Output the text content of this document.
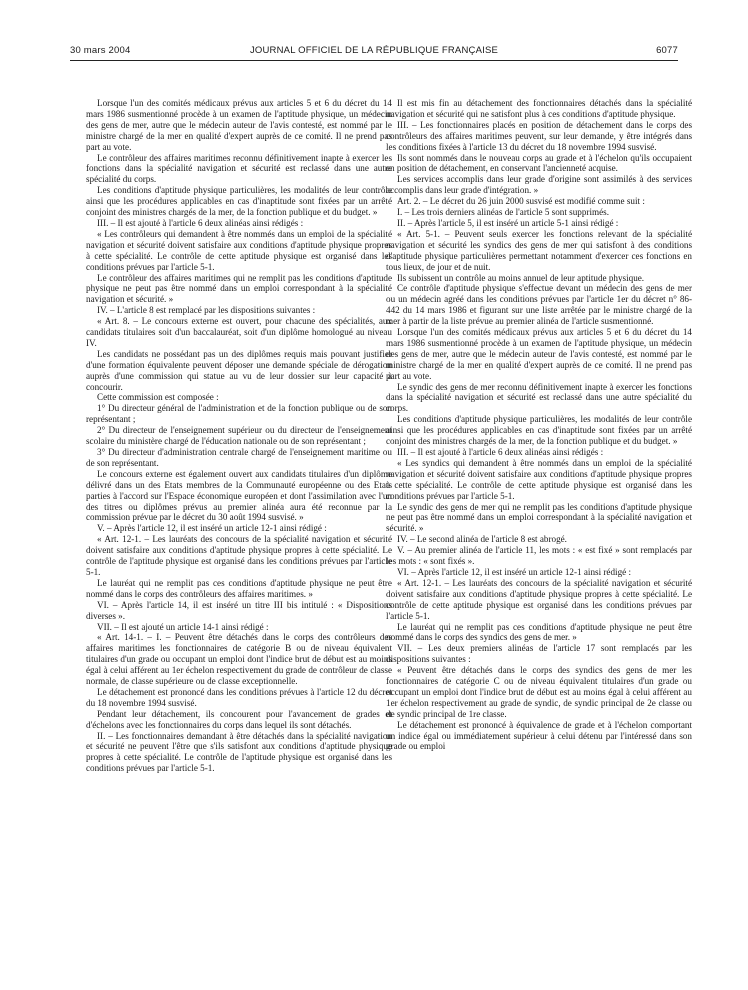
30 mars 2004	JOURNAL OFFICIEL DE LA RÉPUBLIQUE FRANÇAISE	6077

Lorsque l'un des comités médicaux prévus aux articles 5 et 6 du décret du 14 mars 1986 susmentionné procède à un examen de l'aptitude physique, un médecin des gens de mer, autre que le médecin auteur de l'avis contesté, est nommé par le ministre chargé de la mer en qualité d'expert auprès de ce comité. Il ne prend pas part au vote.

Le contrôleur des affaires maritimes reconnu définitivement inapte à exercer les fonctions dans la spécialité navigation et sécurité est reclassé dans une autre spécialité du corps.

Les conditions d'aptitude physique particulières, les modalités de leur contrôle ainsi que les procédures applicables en cas d'inaptitude sont fixées par un arrêté conjoint des ministres chargés de la mer, de la fonction publique et du budget. »

III. – Il est ajouté à l'article 6 deux alinéas ainsi rédigés :

« Les contrôleurs qui demandent à être nommés dans un emploi de la spécialité navigation et sécurité doivent satisfaire aux conditions d'aptitude physique propres à cette spécialité. Le contrôle de cette aptitude physique est organisé dans les conditions prévues par l'article 5-1.

Le contrôleur des affaires maritimes qui ne remplit pas les conditions d'aptitude physique ne peut pas être nommé dans un emploi correspondant à la spécialité navigation et sécurité. »

IV. – L'article 8 est remplacé par les dispositions suivantes :

« Art. 8. – Le concours externe est ouvert, pour chacune des spécialités, aux candidats titulaires soit d'un baccalauréat, soit d'un diplôme homologué au niveau IV.

Les candidats ne possédant pas un des diplômes requis mais pouvant justifier d'une formation équivalente peuvent déposer une demande spéciale de dérogation auprès d'une commission qui statue au vu de leur dossier sur leur capacité à concourir.

Cette commission est composée :

1° Du directeur général de l'administration et de la fonction publique ou de son représentant ;

2° Du directeur de l'enseignement supérieur ou du directeur de l'enseignement scolaire du ministère chargé de l'éducation nationale ou de son représentant ;

3° Du directeur d'administration centrale chargé de l'enseignement maritime ou de son représentant.

Le concours externe est également ouvert aux candidats titulaires d'un diplôme délivré dans un des Etats membres de la Communauté européenne ou des Etats parties à l'accord sur l'Espace économique européen et dont l'assimilation avec l'un des titres ou diplômes prévus au premier alinéa aura été reconnue par la commission prévue par le décret du 30 août 1994 susvisé. »

V. – Après l'article 12, il est inséré un article 12-1 ainsi rédigé :

« Art. 12-1. – Les lauréats des concours de la spécialité navigation et sécurité doivent satisfaire aux conditions d'aptitude physique propres à cette spécialité. Le contrôle de l'aptitude physique est organisé dans les conditions prévues par l'article 5-1.

Le lauréat qui ne remplit pas ces conditions d'aptitude physique ne peut être nommé dans le corps des contrôleurs des affaires maritimes. »

VI. – Après l'article 14, il est inséré un titre III bis intitulé : « Dispositions diverses ».

VII. – Il est ajouté un article 14-1 ainsi rédigé :

« Art. 14-1. – I. – Peuvent être détachés dans le corps des contrôleurs des affaires maritimes les fonctionnaires de catégorie B ou de niveau équivalent titulaires d'un grade ou occupant un emploi dont l'indice brut de début est au moins égal à celui afférent au 1er échelon respectivement du grade de contrôleur de classe normale, de classe supérieure ou de classe exceptionnelle.

Le détachement est prononcé dans les conditions prévues à l'article 12 du décret du 18 novembre 1994 susvisé.

Pendant leur détachement, ils concourent pour l'avancement de grades et d'échelons avec les fonctionnaires du corps dans lequel ils sont détachés.

II. – Les fonctionnaires demandant à être détachés dans la spécialité navigation et sécurité ne peuvent l'être que s'ils satisfont aux conditions d'aptitude physique propres à cette spécialité. Le contrôle de l'aptitude physique est organisé dans les conditions prévues par l'article 5-1.

Il est mis fin au détachement des fonctionnaires détachés dans la spécialité navigation et sécurité qui ne satisfont plus à ces conditions d'aptitude physique.

III. – Les fonctionnaires placés en position de détachement dans le corps des contrôleurs des affaires maritimes peuvent, sur leur demande, y être intégrés dans les conditions fixées à l'article 13 du décret du 18 novembre 1994 susvisé.

Ils sont nommés dans le nouveau corps au grade et à l'échelon qu'ils occupaient en position de détachement, en conservant l'ancienneté acquise.

Les services accomplis dans leur grade d'origine sont assimilés à des services accomplis dans leur grade d'intégration. »

Art. 2. – Le décret du 26 juin 2000 susvisé est modifié comme suit :

I. – Les trois derniers alinéas de l'article 5 sont supprimés.

II. – Après l'article 5, il est inséré un article 5-1 ainsi rédigé :

« Art. 5-1. – Peuvent seuls exercer les fonctions relevant de la spécialité navigation et sécurité les syndics des gens de mer qui satisfont à des conditions d'aptitude physique particulières permettant notamment d'exercer ces fonctions en tous lieux, de jour et de nuit.

Ils subissent un contrôle au moins annuel de leur aptitude physique.

Ce contrôle d'aptitude physique s'effectue devant un médecin des gens de mer ou un médecin agréé dans les conditions prévues par l'article 1er du décret n° 86-442 du 14 mars 1986 et figurant sur une liste arrêtée par le ministre chargé de la mer à partir de la liste prévue au premier alinéa de l'article susmentionné.

Lorsque l'un des comités médicaux prévus aux articles 5 et 6 du décret du 14 mars 1986 susmentionné procède à un examen de l'aptitude physique, un médecin des gens de mer, autre que le médecin auteur de l'avis contesté, est nommé par le ministre chargé de la mer en qualité d'expert auprès de ce comité. Il ne prend pas part au vote.

Le syndic des gens de mer reconnu définitivement inapte à exercer les fonctions dans la spécialité navigation et sécurité est reclassé dans une autre spécialité du corps.

Les conditions d'aptitude physique particulières, les modalités de leur contrôle ainsi que les procédures applicables en cas d'inaptitude sont fixées par un arrêté conjoint des ministres chargés de la mer, de la fonction publique et du budget. »

III. – Il est ajouté à l'article 6 deux alinéas ainsi rédigés :

« Les syndics qui demandent à être nommés dans un emploi de la spécialité navigation et sécurité doivent satisfaire aux conditions d'aptitude physique propres à cette spécialité. Le contrôle de cette aptitude physique est organisé dans les conditions prévues par l'article 5-1.

Le syndic des gens de mer qui ne remplit pas les conditions d'aptitude physique ne peut pas être nommé dans un emploi correspondant à la spécialité navigation et sécurité. »

IV. – Le second alinéa de l'article 8 est abrogé.

V. – Au premier alinéa de l'article 11, les mots : « est fixé » sont remplacés par les mots : « sont fixés ».

VI. – Après l'article 12, il est inséré un article 12-1 ainsi rédigé :

« Art. 12-1. – Les lauréats des concours de la spécialité navigation et sécurité doivent satisfaire aux conditions d'aptitude physique propres à cette spécialité. Le contrôle de cette aptitude physique est organisé dans les conditions prévues par l'article 5-1.

Le lauréat qui ne remplit pas ces conditions d'aptitude physique ne peut être nommé dans le corps des syndics des gens de mer. »

VII. – Les deux premiers alinéas de l'article 17 sont remplacés par les dispositions suivantes :

« Peuvent être détachés dans le corps des syndics des gens de mer les fonctionnaires de catégorie C ou de niveau équivalent titulaires d'un grade ou occupant un emploi dont l'indice brut de début est au moins égal à celui afférent au 1er échelon respectivement au grade de syndic, de syndic principal de 2e classe ou de syndic principal de 1re classe.

Le détachement est prononcé à équivalence de grade et à l'échelon comportant un indice égal ou immédiatement supérieur à celui détenu par l'intéressé dans son grade ou emploi
